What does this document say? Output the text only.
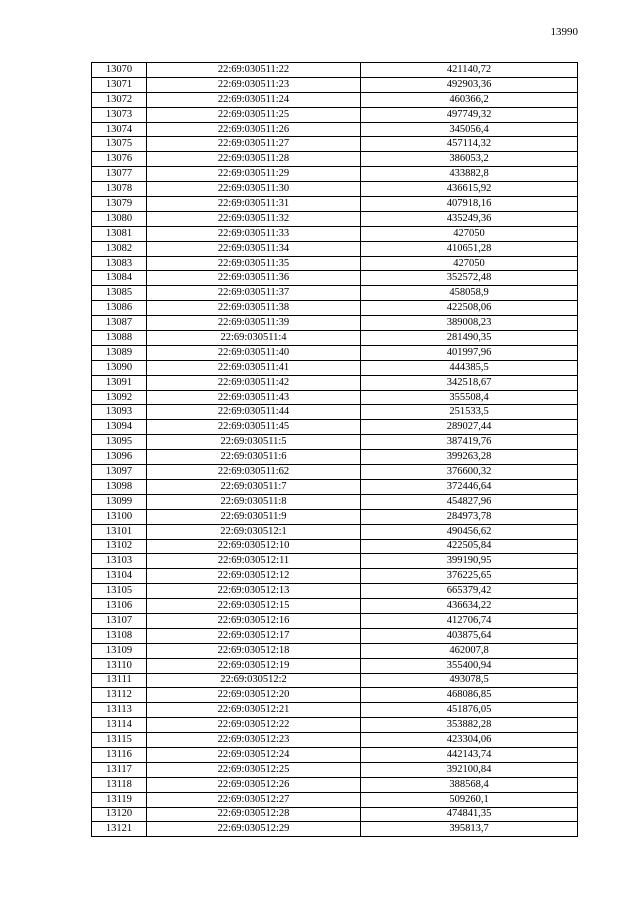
13990
13070	22:69:030511:22	421140,72
13071	22:69:030511:23	492903,36
13072	22:69:030511:24	460366,2
13073	22:69:030511:25	497749,32
13074	22:69:030511:26	345056,4
13075	22:69:030511:27	457114,32
13076	22:69:030511:28	386053,2
13077	22:69:030511:29	433882,8
13078	22:69:030511:30	436615,92
13079	22:69:030511:31	407918,16
13080	22:69:030511:32	435249,36
13081	22:69:030511:33	427050
13082	22:69:030511:34	410651,28
13083	22:69:030511:35	427050
13084	22:69:030511:36	352572,48
13085	22:69:030511:37	458058,9
13086	22:69:030511:38	422508,06
13087	22:69:030511:39	389008,23
13088	22:69:030511:4	281490,35
13089	22:69:030511:40	401997,96
13090	22:69:030511:41	444385,5
13091	22:69:030511:42	342518,67
13092	22:69:030511:43	355508,4
13093	22:69:030511:44	251533,5
13094	22:69:030511:45	289027,44
13095	22:69:030511:5	387419,76
13096	22:69:030511:6	399263,28
13097	22:69:030511:62	376600,32
13098	22:69:030511:7	372446,64
13099	22:69:030511:8	454827,96
13100	22:69:030511:9	284973,78
13101	22:69:030512:1	490456,62
13102	22:69:030512:10	422505,84
13103	22:69:030512:11	399190,95
13104	22:69:030512:12	376225,65
13105	22:69:030512:13	665379,42
13106	22:69:030512:15	436634,22
13107	22:69:030512:16	412706,74
13108	22:69:030512:17	403875,64
13109	22:69:030512:18	462007,8
13110	22:69:030512:19	355400,94
13111	22:69:030512:2	493078,5
13112	22:69:030512:20	468086,85
13113	22:69:030512:21	451876,05
13114	22:69:030512:22	353882,28
13115	22:69:030512:23	423304,06
13116	22:69:030512:24	442143,74
13117	22:69:030512:25	392100,84
13118	22:69:030512:26	388568,4
13119	22:69:030512:27	509260,1
13120	22:69:030512:28	474841,35
13121	22:69:030512:29	395813,7
